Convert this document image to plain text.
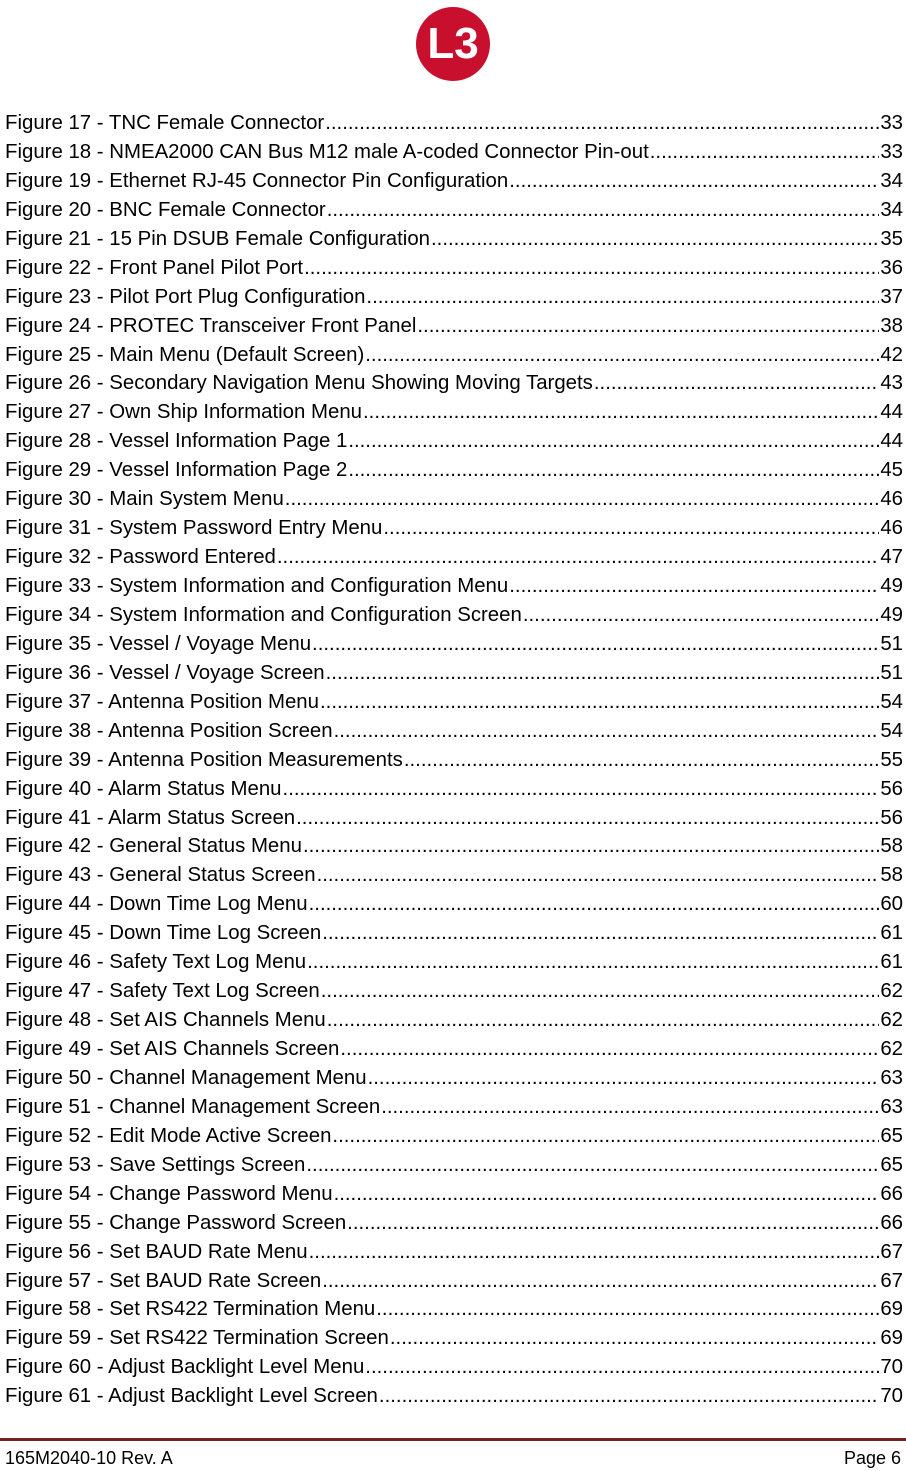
L3
Figure 17 - TNC Female Connector .....	33
Figure 18 - NMEA2000 CAN Bus M12 male A-coded Connector Pin-out .....	33
Figure 19 - Ethernet RJ-45 Connector Pin Configuration .....	34
Figure 20 - BNC Female Connector .....	34
Figure 21 - 15 Pin DSUB Female Configuration .....	35
Figure 22 - Front Panel Pilot Port .....	36
Figure 23 - Pilot Port Plug Configuration .....	37
Figure 24 - PROTEC Transceiver Front Panel .....	38
Figure 25 - Main Menu (Default Screen) .....	42
Figure 26 - Secondary Navigation Menu Showing Moving Targets .....	43
Figure 27 - Own Ship Information Menu .....	44
Figure 28 - Vessel Information Page 1 .....	44
Figure 29 - Vessel Information Page 2 .....	45
Figure 30 - Main System Menu .....	46
Figure 31 - System Password Entry Menu .....	46
Figure 32 - Password Entered .....	47
Figure 33 - System Information and Configuration Menu .....	49
Figure 34 - System Information and Configuration Screen .....	49
Figure 35 - Vessel / Voyage Menu .....	51
Figure 36 - Vessel / Voyage Screen .....	51
Figure 37 - Antenna Position Menu .....	54
Figure 38 - Antenna Position Screen .....	54
Figure 39 - Antenna Position Measurements .....	55
Figure 40 - Alarm Status Menu .....	56
Figure 41 - Alarm Status Screen .....	56
Figure 42 - General Status Menu .....	58
Figure 43 - General Status Screen .....	58
Figure 44 - Down Time Log Menu .....	60
Figure 45 - Down Time Log Screen .....	61
Figure 46 - Safety Text Log Menu .....	61
Figure 47 - Safety Text Log Screen .....	62
Figure 48 - Set AIS Channels Menu .....	62
Figure 49 - Set AIS Channels Screen .....	62
Figure 50 - Channel Management Menu .....	63
Figure 51 - Channel Management Screen .....	63
Figure 52 - Edit Mode Active Screen .....	65
Figure 53 - Save Settings Screen .....	65
Figure 54 - Change Password Menu .....	66
Figure 55 - Change Password Screen .....	66
Figure 56 - Set BAUD Rate Menu .....	67
Figure 57 - Set BAUD Rate Screen .....	67
Figure 58 - Set RS422 Termination Menu .....	69
Figure 59 - Set RS422 Termination Screen .....	69
Figure 60 - Adjust Backlight Level Menu .....	70
Figure 61 - Adjust Backlight Level Screen .....	70
165M2040-10 Rev. A	Page 6
